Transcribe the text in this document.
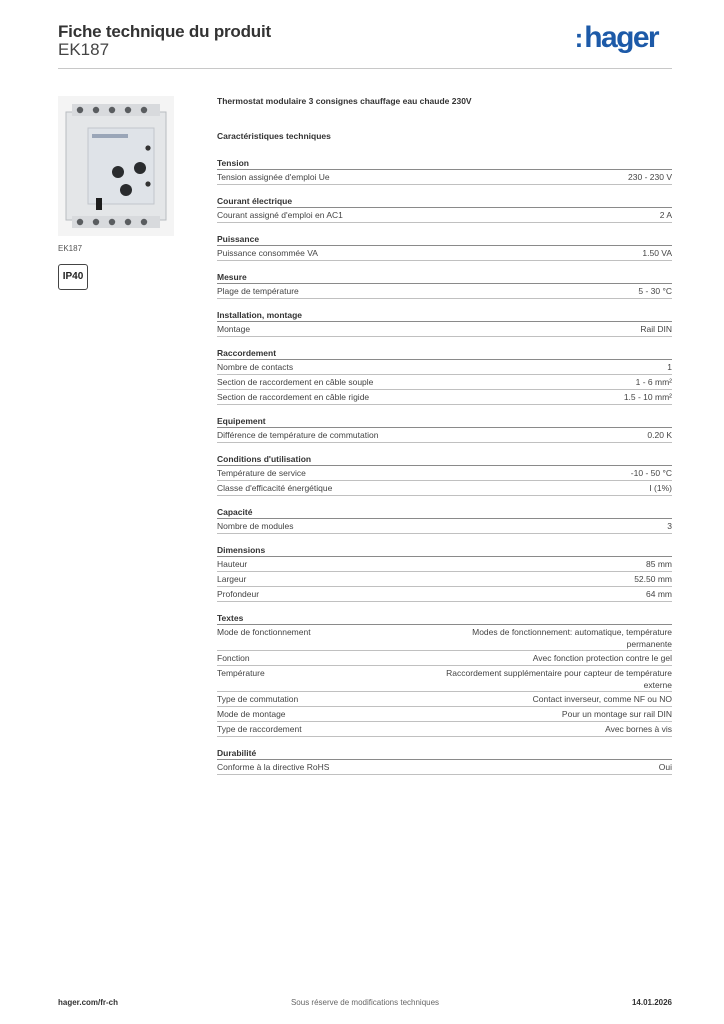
Fiche technique du produit
EK187	:hager
EK187
IP40
Thermostat modulaire 3 consignes chauffage eau chaude 230V
Caractéristiques techniques
Tension
Tension assignée d'emploi Ue	230 - 230 V
Courant électrique
Courant assigné d'emploi en AC1	2 A
Puissance
Puissance consommée VA	1.50 VA
Mesure
Plage de température	5 - 30 °C
Installation, montage
Montage	Rail DIN
Raccordement
Nombre de contacts	1
Section de raccordement en câble souple	1 - 6 mm²
Section de raccordement en câble rigide	1.5 - 10 mm²
Equipement
Différence de température de commutation	0.20 K
Conditions d'utilisation
Température de service	-10 - 50 °C
Classe d'efficacité énergétique	I (1%)
Capacité
Nombre de modules	3
Dimensions
Hauteur	85 mm
Largeur	52.50 mm
Profondeur	64 mm
Textes
Mode de fonctionnement	Modes de fonctionnement: automatique, température permanente
Fonction	Avec fonction protection contre le gel
Température	Raccordement supplémentaire pour capteur de température externe
Type de commutation	Contact inverseur, comme NF ou NO
Mode de montage	Pour un montage sur rail DIN
Type de raccordement	Avec bornes à vis
Durabilité
Conforme à la directive RoHS	Oui
hager.com/fr-ch	Sous réserve de modifications techniques	14.01.2026
